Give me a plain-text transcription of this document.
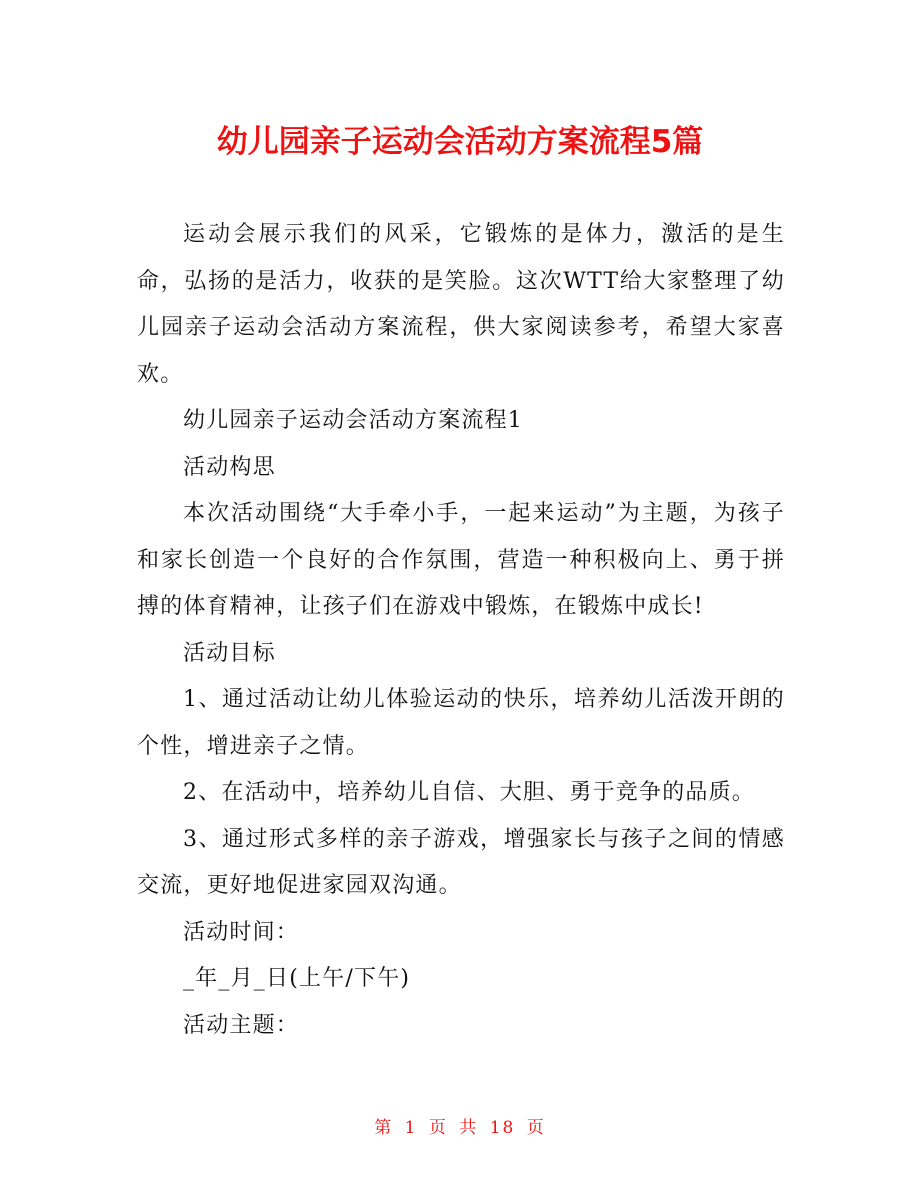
幼儿园亲子运动会活动方案流程5篇

运动会展示我们的风采，它锻炼的是体力，激活的是生命，弘扬的是活力，收获的是笑脸。这次WTT给大家整理了幼儿园亲子运动会活动方案流程，供大家阅读参考，希望大家喜欢。

幼儿园亲子运动会活动方案流程1

活动构思

本次活动围绕“大手牵小手，一起来运动”为主题，为孩子和家长创造一个良好的合作氛围，营造一种积极向上、勇于拼搏的体育精神，让孩子们在游戏中锻炼，在锻炼中成长!

活动目标

1、通过活动让幼儿体验运动的快乐，培养幼儿活泼开朗的个性，增进亲子之情。

2、在活动中，培养幼儿自信、大胆、勇于竞争的品质。

3、通过形式多样的亲子游戏，增强家长与孩子之间的情感交流，更好地促进家园双沟通。

活动时间：

_年_月_日(上午/下午)

活动主题：

第 1 页 共 18 页
